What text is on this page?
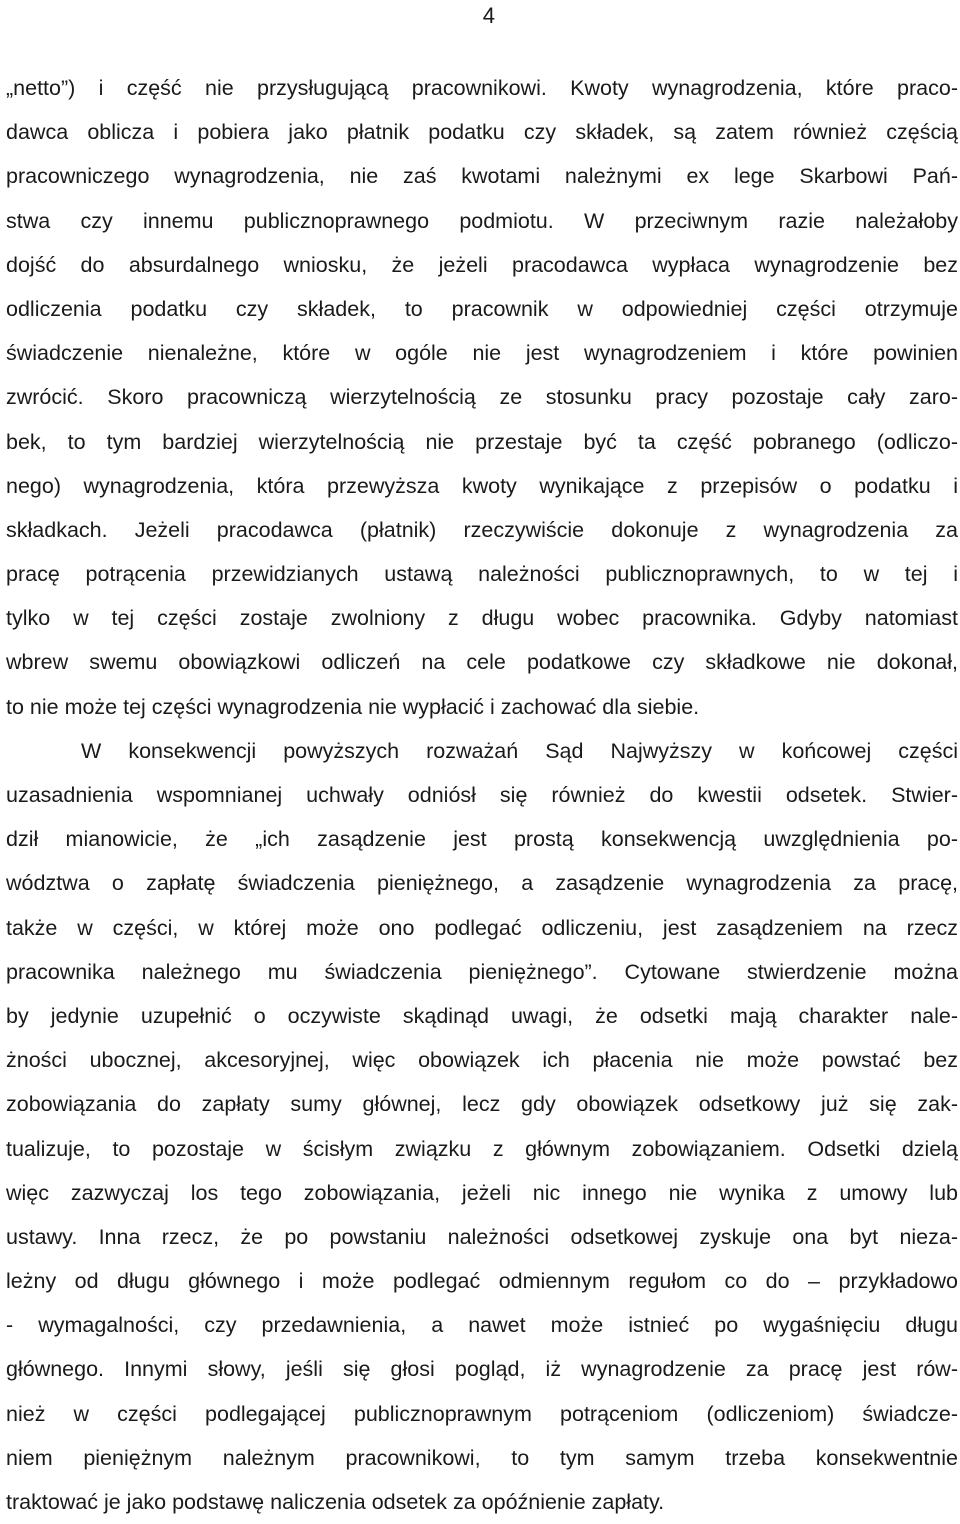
4
„netto”) i część nie przysługującą pracownikowi. Kwoty wynagrodzenia, które praco-
dawca oblicza i pobiera jako płatnik podatku czy składek, są zatem również częścią
pracowniczego wynagrodzenia, nie zaś kwotami należnymi ex lege Skarbowi Pań-
stwa czy innemu publicznoprawnego podmiotu. W przeciwnym razie należałoby
dojść do absurdalnego wniosku, że jeżeli pracodawca wypłaca wynagrodzenie bez
odliczenia podatku czy składek, to pracownik w odpowiedniej części otrzymuje
świadczenie nienależne, które w ogóle nie jest wynagrodzeniem i które powinien
zwrócić. Skoro pracowniczą wierzytelnością ze stosunku pracy pozostaje cały zaro-
bek, to tym bardziej wierzytelnością nie przestaje być ta część pobranego (odliczo-
nego) wynagrodzenia, która przewyższa kwoty wynikające z przepisów o podatku i
składkach. Jeżeli pracodawca (płatnik) rzeczywiście dokonuje z wynagrodzenia za
pracę potrącenia przewidzianych ustawą należności publicznoprawnych, to w tej i
tylko w tej części zostaje zwolniony z długu wobec pracownika. Gdyby natomiast
wbrew swemu obowiązkowi odliczeń na cele podatkowe czy składkowe nie dokonał,
to nie może tej części wynagrodzenia nie wypłacić i zachować dla siebie.
W konsekwencji powyższych rozważań Sąd Najwyższy w końcowej części
uzasadnienia wspomnianej uchwały odniósł się również do kwestii odsetek. Stwier-
dził mianowicie, że „ich zasądzenie jest prostą konsekwencją uwzględnienia po-
wództwa o zapłatę świadczenia pieniężnego, a zasądzenie wynagrodzenia za pracę,
także w części, w której może ono podlegać odliczeniu, jest zasądzeniem na rzecz
pracownika należnego mu świadczenia pieniężnego”. Cytowane stwierdzenie można
by jedynie uzupełnić o oczywiste skądinąd uwagi, że odsetki mają charakter nale-
żności ubocznej, akcesoryjnej, więc obowiązek ich płacenia nie może powstać bez
zobowiązania do zapłaty sumy głównej, lecz gdy obowiązek odsetkowy już się zak-
tualizuje, to pozostaje w ścisłym związku z głównym zobowiązaniem. Odsetki dzielą
więc zazwyczaj los tego zobowiązania, jeżeli nic innego nie wynika z umowy lub
ustawy. Inna rzecz, że po powstaniu należności odsetkowej zyskuje ona byt nieza-
leżny od długu głównego i może podlegać odmiennym regułom co do – przykładowo
- wymagalności, czy przedawnienia, a nawet może istnieć po wygaśnięciu długu
głównego. Innymi słowy, jeśli się głosi pogląd, iż wynagrodzenie za pracę jest rów-
nież w części podlegającej publicznoprawnym potrąceniom (odliczeniom) świadcze-
niem pieniężnym należnym pracownikowi, to tym samym trzeba konsekwentnie
traktować je jako podstawę naliczenia odsetek za opóźnienie zapłaty.
